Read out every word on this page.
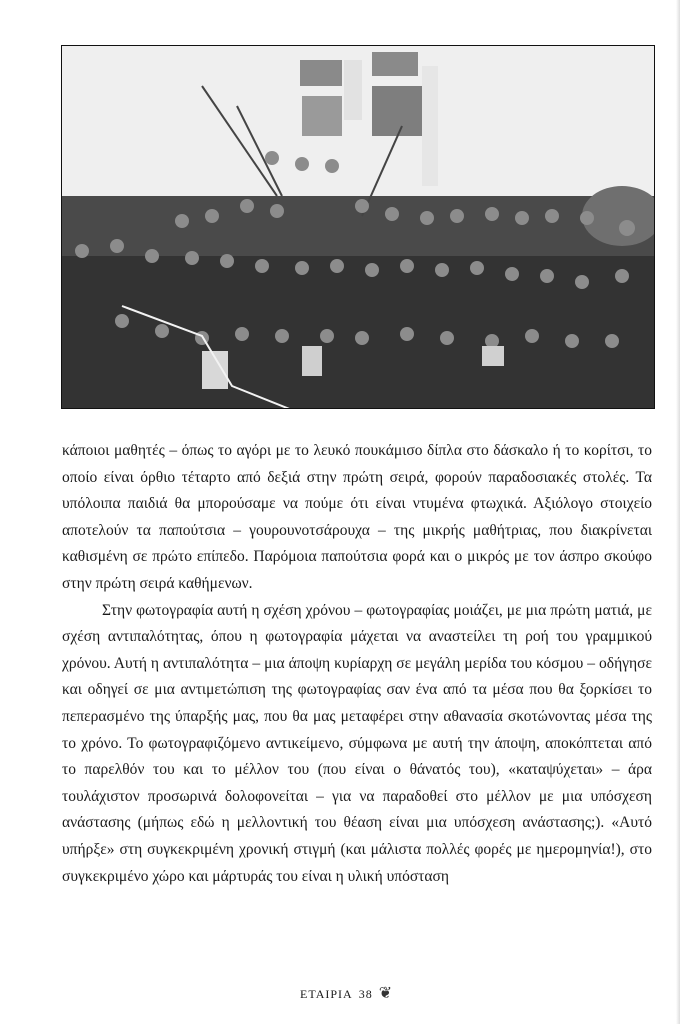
κάποιοι μαθητές – όπως το αγόρι με το λευκό πουκάμισο δίπλα στο δάσκαλο ή το κορίτσι, το οποίο είναι όρθιο τέταρτο από δεξιά στην πρώτη σειρά, φορούν παραδοσιακές στολές. Τα υπόλοιπα παιδιά θα μπορούσαμε να πούμε ότι είναι ντυμένα φτωχικά. Αξιόλογο στοιχείο αποτελούν τα παπούτσια – γουρουνοτσάρουχα – της μικρής μαθήτριας, που διακρίνεται καθισμένη σε πρώτο επίπεδο. Παρόμοια παπούτσια φορά και ο μικρός με τον άσπρο σκούφο στην πρώτη σειρά καθήμενων.

Στην φωτογραφία αυτή η σχέση χρόνου – φωτογραφίας μοιάζει, με μια πρώτη ματιά, με σχέση αντιπαλότητας, όπου η φωτογραφία μάχεται να αναστείλει τη ροή του γραμμικού χρόνου. Αυτή η αντιπαλότητα – μια άποψη κυρίαρχη σε μεγάλη μερίδα του κόσμου – οδήγησε και οδηγεί σε μια αντιμετώπιση της φωτογραφίας σαν ένα από τα μέσα που θα ξορκίσει το πεπερασμένο της ύπαρξής μας, που θα μας μεταφέρει στην αθανασία σκοτώνοντας μέσα της το χρόνο. Το φωτογραφιζόμενο αντικείμενο, σύμφωνα με αυτή την άποψη, αποκόπτεται από το παρελθόν του και το μέλλον του (που είναι ο θάνατός του), «καταψύχεται» – άρα τουλάχιστον προσωρινά δολοφονείται – για να παραδοθεί στο μέλλον με μια υπόσχεση ανάστασης (μήπως εδώ η μελλοντική του θέαση είναι μια υπόσχεση ανάστασης;). «Αυτό υπήρξε» στη συγκεκριμένη χρονική στιγμή (και μάλιστα πολλές φορές με ημερομηνία!), στο συγκεκριμένο χώρο και μάρτυράς του είναι η υλική υπόσταση

ΕΤΑΙΡΙΑ 38 ❦
